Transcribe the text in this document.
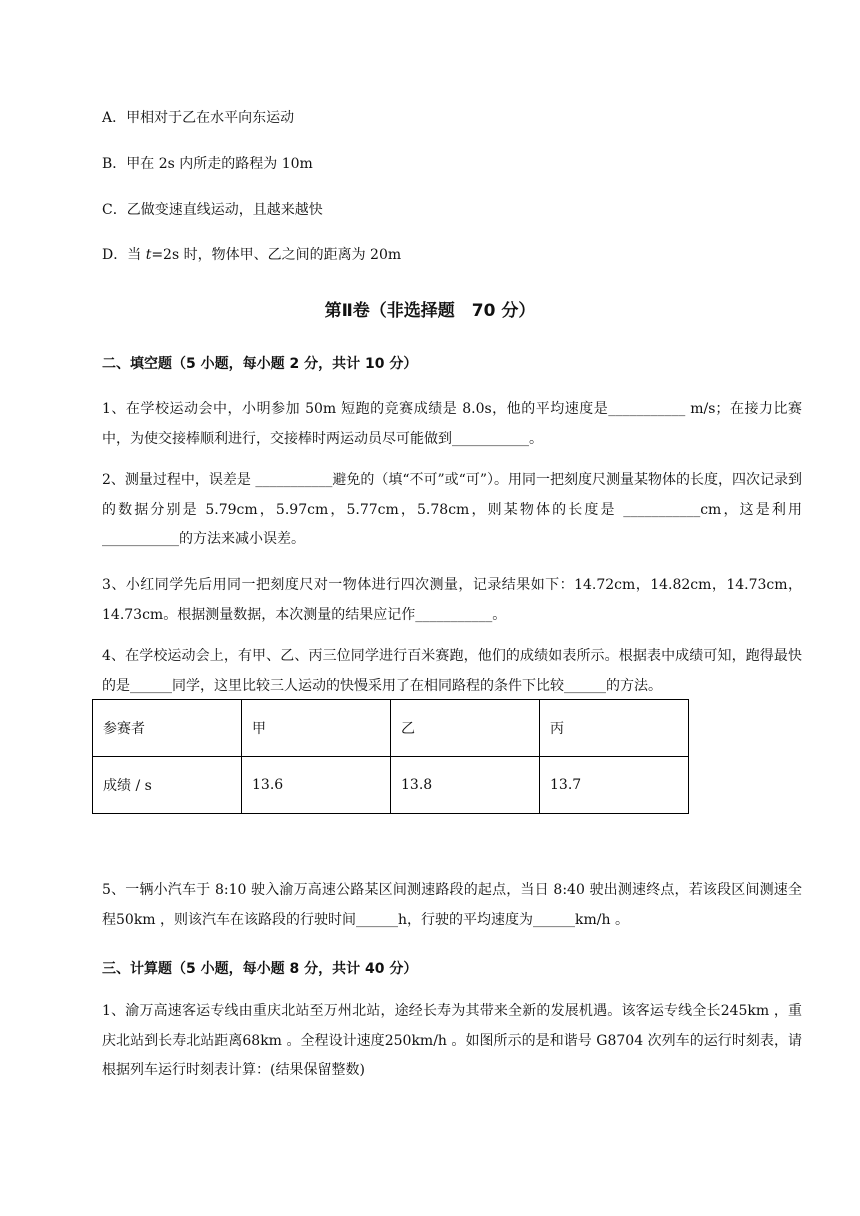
A．甲相对于乙在水平向东运动
B．甲在 2s 内所走的路程为 10m
C．乙做变速直线运动，且越来越快
D．当 t=2s 时，物体甲、乙之间的距离为 20m
第Ⅱ卷（非选择题　70 分）
二、填空题（5 小题，每小题 2 分，共计 10 分）
1、在学校运动会中，小明参加 50m 短跑的竞赛成绩是 8.0s，他的平均速度是___________ m/s；在接力比赛中，为使交接棒顺利进行，交接棒时两运动员尽可能做到___________。
2、测量过程中，误差是 ___________避免的（填“不可”或“可”）。用同一把刻度尺测量某物体的长度，四次记录到的数据分别是 5.79cm，5.97cm，5.77cm，5.78cm，则某物体的长度是 ___________cm，这是利用 ___________的方法来减小误差。
3、小红同学先后用同一把刻度尺对一物体进行四次测量，记录结果如下：14.72cm，14.82cm，14.73cm，14.73cm。根据测量数据，本次测量的结果应记作___________。
4、在学校运动会上，有甲、乙、丙三位同学进行百米赛跑，他们的成绩如表所示。根据表中成绩可知，跑得最快的是______同学，这里比较三人运动的快慢采用了在相同路程的条件下比较______的方法。
参赛者	甲	乙	丙
成绩 / s	13.6	13.8	13.7
5、一辆小汽车于 8:10 驶入渝万高速公路某区间测速路段的起点，当日 8:40 驶出测速终点，若该段区间测速全程50km ，则该汽车在该路段的行驶时间______h，行驶的平均速度为______km/h 。
三、计算题（5 小题，每小题 8 分，共计 40 分）
1、渝万高速客运专线由重庆北站至万州北站，途经长寿为其带来全新的发展机遇。该客运专线全长245km ，重庆北站到长寿北站距离68km 。全程设计速度250km/h 。如图所示的是和谐号 G8704 次列车的运行时刻表，请根据列车运行时刻表计算：(结果保留整数)
